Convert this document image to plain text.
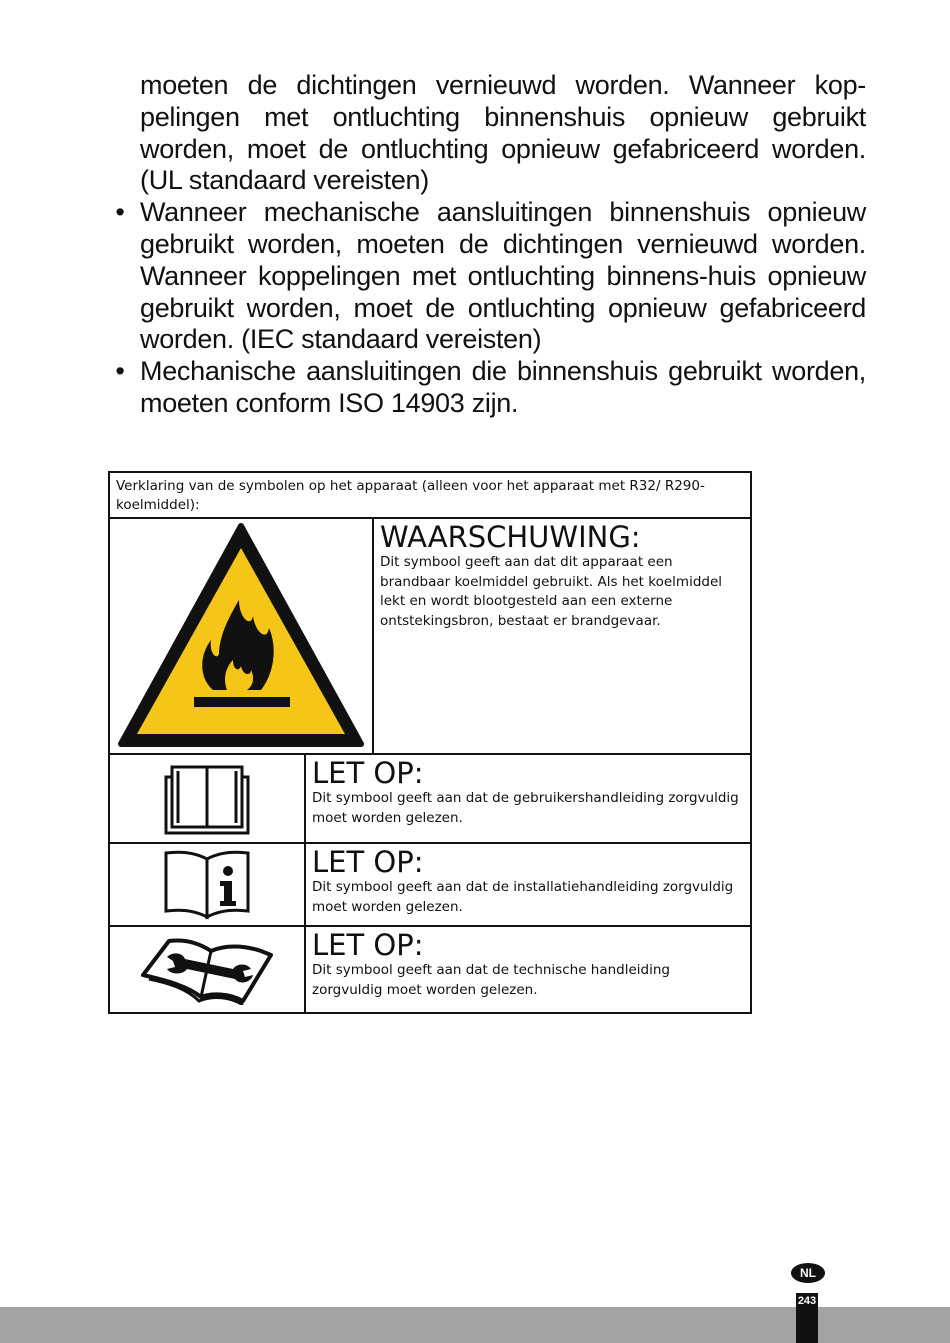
moeten de dichtingen vernieuwd worden. Wanneer kop-pelingen met ontluchting binnenshuis opnieuw gebruikt worden, moet de ontluchting opnieuw gefabriceerd worden. (UL standaard vereisten)

• Wanneer mechanische aansluitingen binnenshuis opnieuw gebruikt worden, moeten de dichtingen vernieuwd worden. Wanneer koppelingen met ontluchting binnens-huis opnieuw gebruikt worden, moet de ontluchting opnieuw gefabriceerd worden. (IEC standaard vereisten)
• Mechanische aansluitingen die binnenshuis gebruikt worden, moeten conform ISO 14903 zijn.
Verklaring van de symbolen op het apparaat (alleen voor het apparaat met R32/ R290-koelmiddel):		

WAARSCHUWING:
Dit symbool geeft aan dat dit apparaat een brandbaar koelmiddel gebruikt. Als het koelmiddel lekt en wordt blootgesteld aan een externe ontstekingsbron, bestaat er brandgevaar.

LET OP:
Dit symbool geeft aan dat de gebruikershandleiding zorgvuldig moet worden gelezen.	

LET OP:
Dit symbool geeft aan dat de installatiehandleiding zorgvuldig moet worden gelezen.	

LET OP:
Dit symbool geeft aan dat de technische handleiding zorgvuldig moet worden gelezen.	
NL
243
